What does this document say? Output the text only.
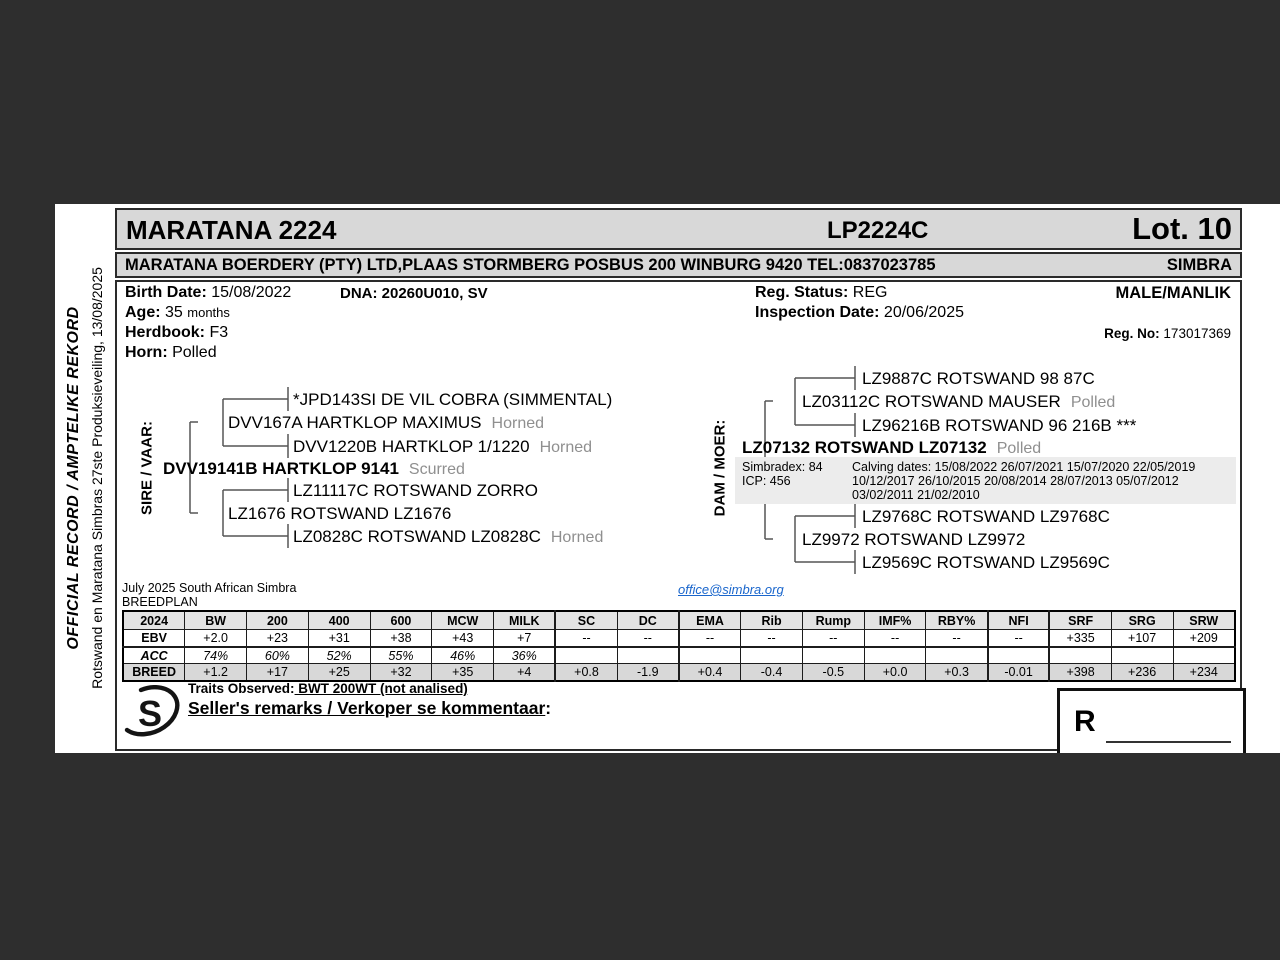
OFFICIAL RECORD / AMPTELIKE REKORD Rotswand en Maratana Simbras 27ste Produksieveiling, 13/08/2025
MARATANA 2224	LP2224C	Lot. 10
MARATANA BOERDERY (PTY) LTD,PLAAS STORMBERG POSBUS 200 WINBURG 9420 TEL:0837023785	SIMBRA
Birth Date: 15/08/2022	DNA: 20260U010, SV	Reg. Status: REG	MALE/MANLIK
Age: 35 months	Inspection Date: 20/06/2025
Herdbook: F3	Reg. No: 173017369
Horn: Polled
SIRE / VAAR:
*JPD143SI DE VIL COBRA (SIMMENTAL)
DVV167A HARTKLOP MAXIMUS Horned
DVV1220B HARTKLOP 1/1220 Horned
DVV19141B HARTKLOP 9141 Scurred
LZ11117C ROTSWAND ZORRO
LZ1676 ROTSWAND LZ1676
LZ0828C ROTSWAND LZ0828C Horned
DAM / MOER:
LZ9887C ROTSWAND 98 87C
LZ03112C ROTSWAND MAUSER Polled
LZ96216B ROTSWAND 96 216B ***
LZ07132 ROTSWAND LZ07132 Polled
Simbradex: 84
ICP: 456
Calving dates: 15/08/2022 26/07/2021 15/07/2020 22/05/2019
10/12/2017 26/10/2015 20/08/2014 28/07/2013 05/07/2012
03/02/2011 21/02/2010
LZ9768C ROTSWAND LZ9768C
LZ9972 ROTSWAND LZ9972
LZ9569C ROTSWAND LZ9569C
July 2025 South African Simbra
BREEDPLAN
office@simbra.org
2024	BW	200	400	600	MCW	MILK	SC	DC	EMA	Rib	Rump	IMF%	RBY%	NFI	SRF	SRG	SRW
EBV	+2.0	+23	+31	+38	+43	+7	--	--	--	--	--	--	--	--	+335	+107	+209
ACC	74%	60%	52%	55%	46%	36%											
BREED	+1.2	+17	+25	+32	+35	+4	+0.8	-1.9	+0.4	-0.4	-0.5	+0.0	+0.3	-0.01	+398	+236	+234
Traits Observed: BWT 200WT (not analised)
Seller's remarks / Verkoper se kommentaar:
S	R
